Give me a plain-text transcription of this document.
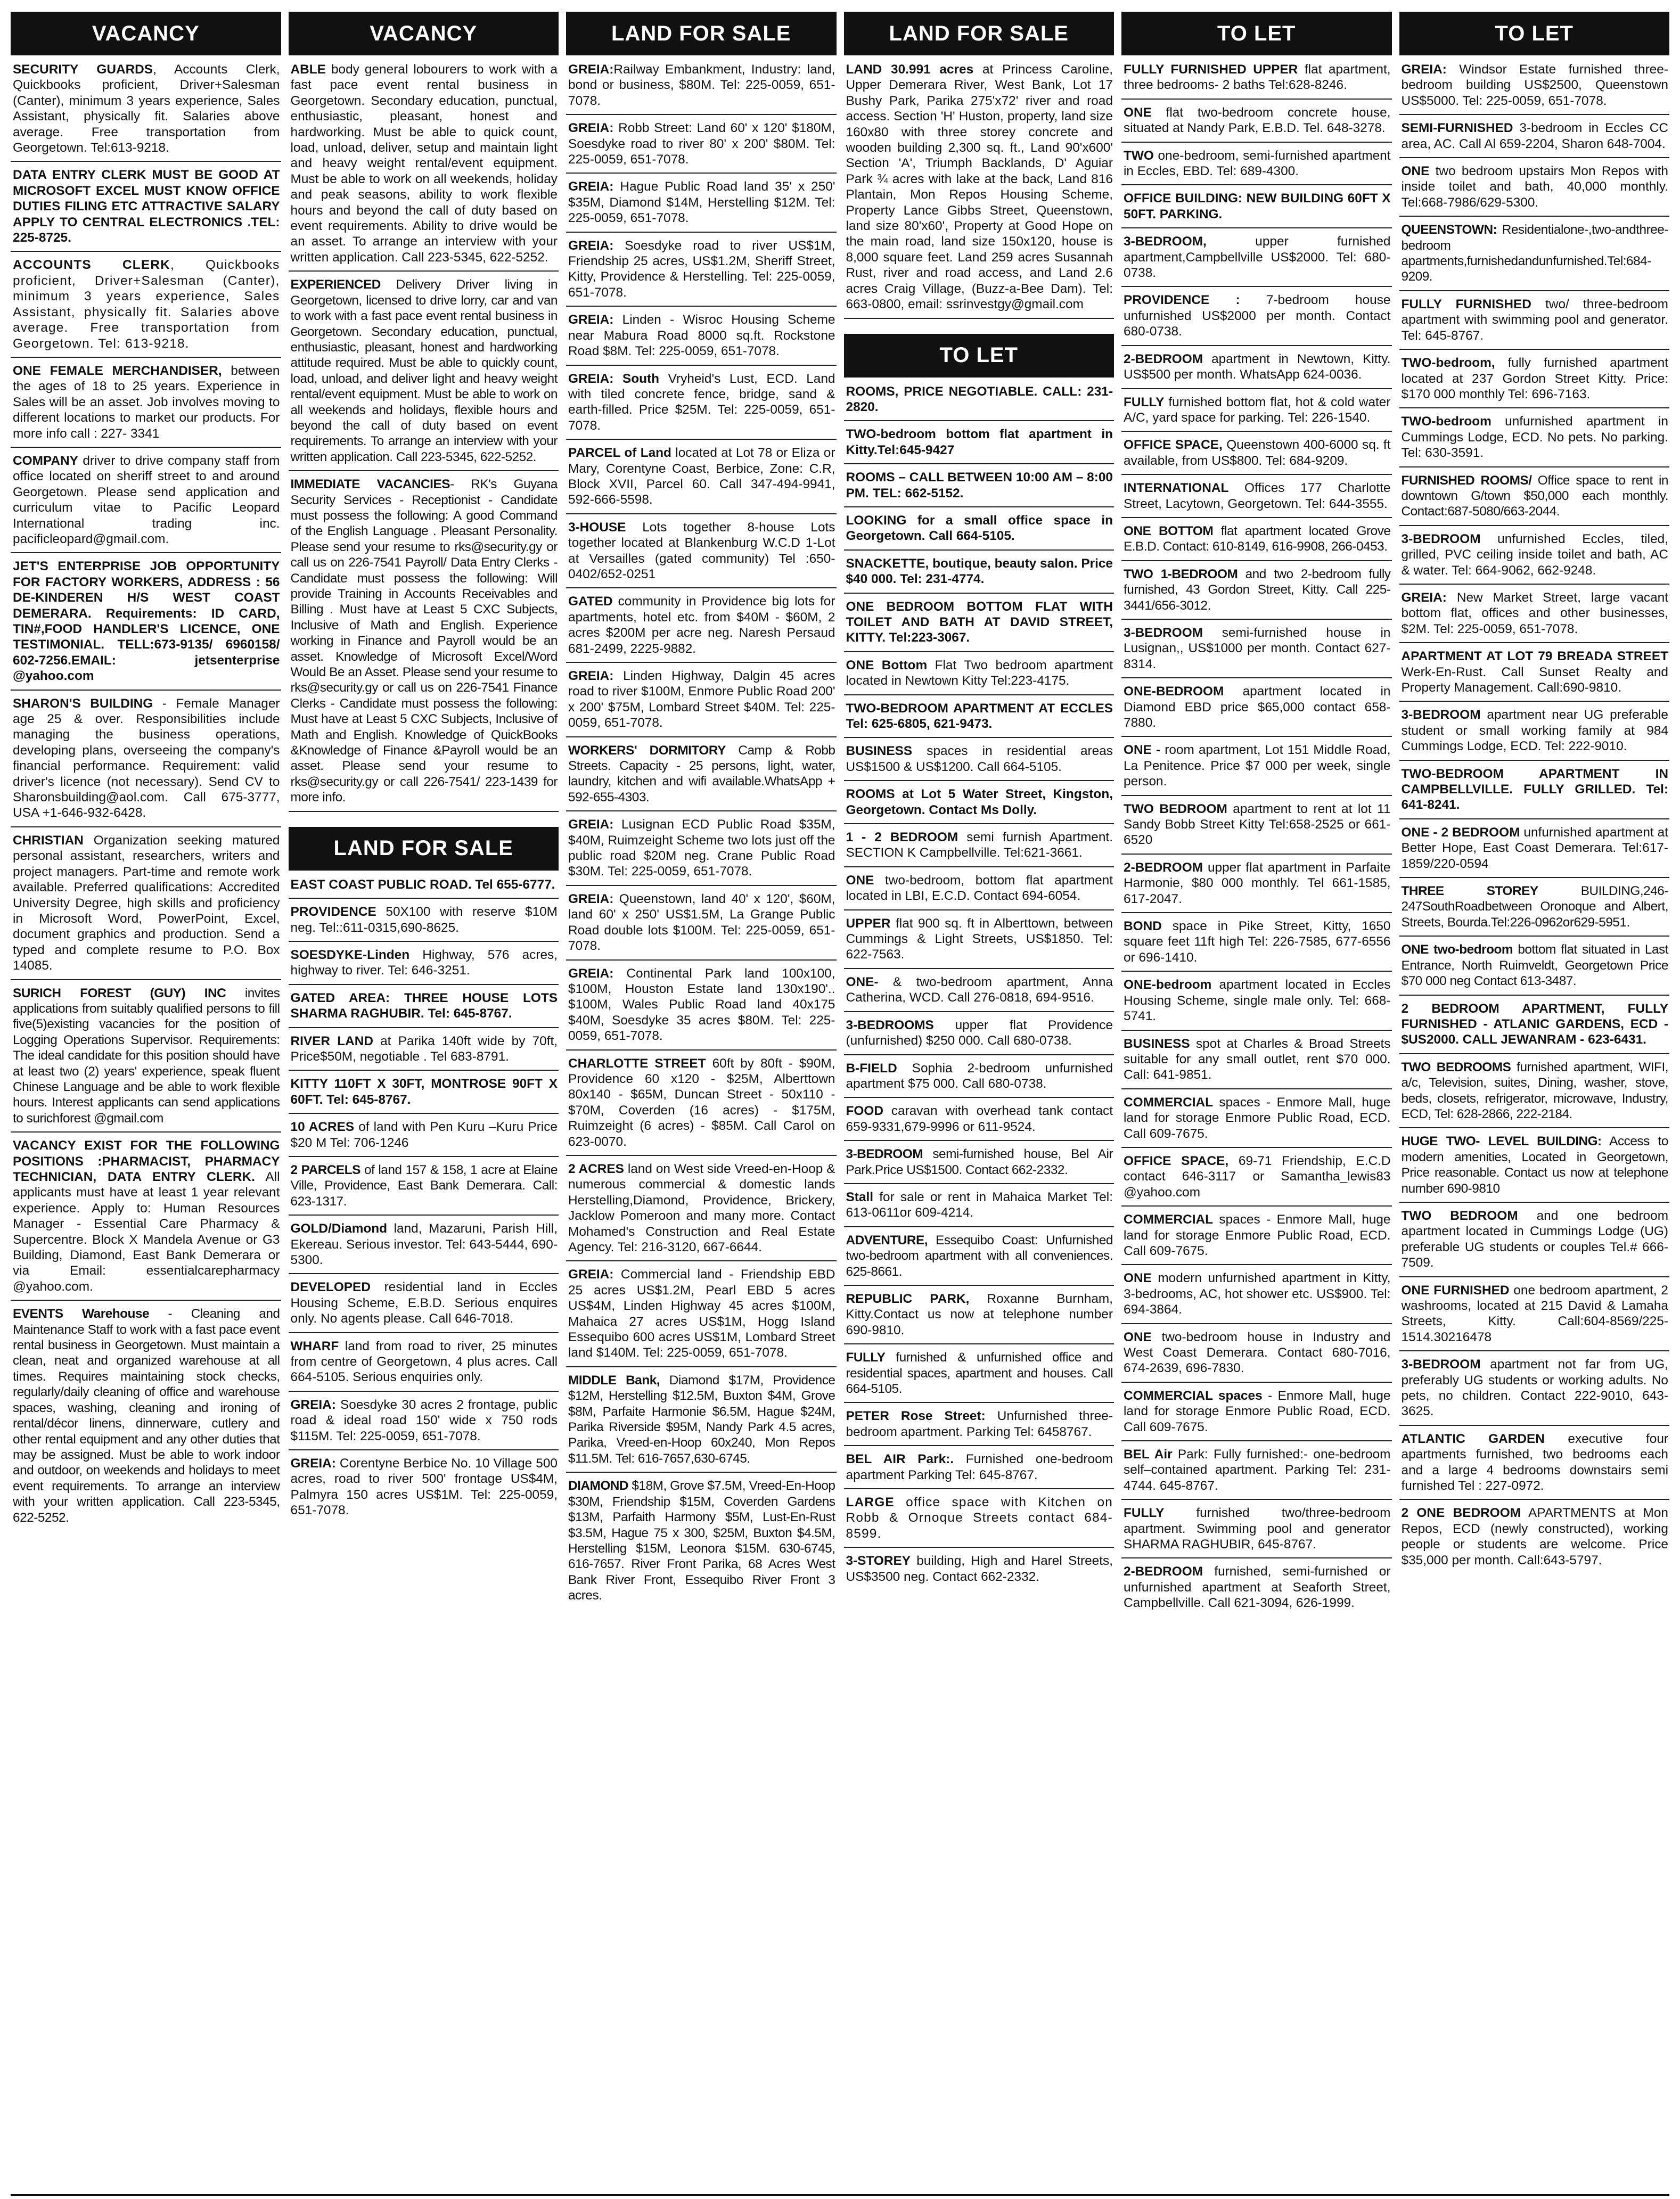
VACANCY
SECURITY GUARDS, Accounts Clerk, Quickbooks proficient, Driver+Salesman (Canter), minimum 3 years experience, Sales Assistant, physically fit. Salaries above average. Free transportation from Georgetown. Tel:613-9218.
DATA ENTRY CLERK MUST BE GOOD AT MICROSOFT EXCEL MUST KNOW OFFICE DUTIES FILING ETC ATTRACTIVE SALARY APPLY TO CENTRAL ELECTRONICS .TEL: 225-8725.
ACCOUNTS CLERK, Quickbooks proficient, Driver+Salesman (Canter), minimum 3 years experience, Sales Assistant, physically fit. Salaries above average. Free transportation from Georgetown. Tel: 613-9218.
ONE FEMALE MERCHANDISER, between the ages of 18 to 25 years. Experience in Sales will be an asset. Job involves moving to different locations to market our products. For more info call : 227- 3341
COMPANY driver to drive company staff from office located on sheriff street to and around Georgetown. Please send application and curriculum vitae to Pacific Leopard International trading inc. pacificleopard@gmail.com.
JET'S ENTERPRISE JOB OPPORTUNITY FOR FACTORY WORKERS, ADDRESS : 56 DE-KINDEREN H/S WEST COAST DEMERARA. Requirements: ID CARD, TIN#,FOOD HANDLER'S LICENCE, ONE TESTIMONIAL. TELL:673-9135/ 6960158/ 602-7256.EMAIL: jetsenterprise @yahoo.com
SHARON'S BUILDING - Female Manager age 25 & over. Responsibilities include managing the business operations, developing plans, overseeing the company's financial performance. Requirement: valid driver's licence (not necessary). Send CV to Sharonsbuilding@aol.com. Call 675-3777, USA +1-646-932-6428.
CHRISTIAN Organization seeking matured personal assistant, researchers, writers and project managers. Part-time and remote work available. Preferred qualifications: Accredited University Degree, high skills and proficiency in Microsoft Word, PowerPoint, Excel, document graphics and production. Send a typed and complete resume to P.O. Box 14085.
SURICH FOREST (GUY) INC invites applications from suitably qualified persons to fill five(5)existing vacancies for the position of Logging Operations Supervisor. Requirements: The ideal candidate for this position should have at least two (2) years' experience, speak fluent Chinese Language and be able to work flexible hours. Interest applicants can send applications to surichforest @gmail.com
VACANCY EXIST FOR THE FOLLOWING POSITIONS :PHARMACIST, PHARMACY TECHNICIAN, DATA ENTRY CLERK. All applicants must have at least 1 year relevant experience. Apply to: Human Resources Manager - Essential Care Pharmacy & Supercentre. Block X Mandela Avenue or G3 Building, Diamond, East Bank Demerara or via Email: essentialcarepharmacy @yahoo.com.
EVENTS Warehouse - Cleaning and Maintenance Staff to work with a fast pace event rental business in Georgetown. Must maintain a clean, neat and organized warehouse at all times. Requires maintaining stock checks, regularly/daily cleaning of office and warehouse spaces, washing, cleaning and ironing of rental/décor linens, dinnerware, cutlery and other rental equipment and any other duties that may be assigned. Must be able to work indoor and outdoor, on weekends and holidays to meet event requirements. To arrange an interview with your written application. Call 223-5345, 622-5252.
VACANCY
ABLE body general lobourers to work with a fast pace event rental business in Georgetown. Secondary education, punctual, enthusiastic, pleasant, honest and hardworking. Must be able to quick count, load, unload, deliver, setup and maintain light and heavy weight rental/event equipment. Must be able to work on all weekends, holiday and peak seasons, ability to work flexible hours and beyond the call of duty based on event requirements. Ability to drive would be an asset. To arrange an interview with your written application. Call 223-5345, 622-5252.
EXPERIENCED Delivery Driver living in Georgetown, licensed to drive lorry, car and van to work with a fast pace event rental business in Georgetown. Secondary education, punctual, enthusiastic, pleasant, honest and hardworking attitude required. Must be able to quickly count, load, unload, and deliver light and heavy weight rental/event equipment. Must be able to work on all weekends and holidays, flexible hours and beyond the call of duty based on event requirements. To arrange an interview with your written application. Call 223-5345, 622-5252.
IMMEDIATE VACANCIES- RK's Guyana Security Services - Receptionist - Candidate must possess the following: A good Command of the English Language . Pleasant Personality. Please send your resume to rks@security.gy or call us on 226-7541 Payroll/ Data Entry Clerks - Candidate must possess the following: Will provide Training in Accounts Receivables and Billing . Must have at Least 5 CXC Subjects, Inclusive of Math and English. Experience working in Finance and Payroll would be an asset. Knowledge of Microsoft Excel/Word Would Be an Asset. Please send your resume to rks@security.gy or call us on 226-7541 Finance Clerks - Candidate must possess the following: Must have at Least 5 CXC Subjects, Inclusive of Math and English. Knowledge of QuickBooks &Knowledge of Finance &Payroll would be an asset. Please send your resume to rks@security.gy or call 226-7541/ 223-1439 for more info.
LAND FOR SALE
EAST COAST PUBLIC ROAD. Tel 655-6777.
PROVIDENCE 50X100 with reserve $10M neg. Tel::611-0315,690-8625.
SOESDYKE-Linden Highway, 576 acres, highway to river. Tel: 646-3251.
GATED AREA: THREE HOUSE LOTS SHARMA RAGHUBIR. Tel: 645-8767.
RIVER LAND at Parika 140ft wide by 70ft, Price$50M, negotiable . Tel 683-8791.
KITTY 110FT X 30FT, MONTROSE 90FT X 60FT. Tel: 645-8767.
10 ACRES of land with Pen Kuru –Kuru Price $20 M Tel: 706-1246
2 PARCELS of land 157 & 158, 1 acre at Elaine Ville, Providence, East Bank Demerara. Call: 623-1317.
GOLD/Diamond land, Mazaruni, Parish Hill, Ekereau. Serious investor. Tel: 643-5444, 690-5300.
DEVELOPED residential land in Eccles Housing Scheme, E.B.D. Serious enquires only. No agents please. Call 646-7018.
WHARF land from road to river, 25 minutes from centre of Georgetown, 4 plus acres. Call 664-5105. Serious enquiries only.
GREIA: Soesdyke 30 acres 2 frontage, public road & ideal road 150' wide x 750 rods $115M. Tel: 225-0059, 651-7078.
GREIA: Corentyne Berbice No. 10 Village 500 acres, road to river 500' frontage US$4M, Palmyra 150 acres US$1M. Tel: 225-0059, 651-7078.
LAND FOR SALE
GREIA:Railway Embankment, Industry: land, bond or business, $80M. Tel: 225-0059, 651-7078.
GREIA: Robb Street: Land 60' x 120' $180M, Soesdyke road to river 80' x 200' $80M. Tel: 225-0059, 651-7078.
GREIA: Hague Public Road land 35' x 250' $35M, Diamond $14M, Herstelling $12M. Tel: 225-0059, 651-7078.
GREIA: Soesdyke road to river US$1M, Friendship 25 acres, US$1.2M, Sheriff Street, Kitty, Providence & Herstelling. Tel: 225-0059, 651-7078.
GREIA: Linden - Wisroc Housing Scheme near Mabura Road 8000 sq.ft. Rockstone Road $8M. Tel: 225-0059, 651-7078.
GREIA: South Vryheid's Lust, ECD. Land with tiled concrete fence, bridge, sand & earth-filled. Price $25M. Tel: 225-0059, 651-7078.
PARCEL of Land located at Lot 78 or Eliza or Mary, Corentyne Coast, Berbice, Zone: C.R, Block XVII, Parcel 60. Call 347-494-9941, 592-666-5598.
3-HOUSE Lots together 8-house Lots together located at Blankenburg W.C.D 1-Lot at Versailles (gated community) Tel :650-0402/652-0251
GATED community in Providence big lots for apartments, hotel etc. from $40M - $60M, 2 acres $200M per acre neg. Naresh Persaud 681-2499, 2225-9882.
GREIA: Linden Highway, Dalgin 45 acres road to river $100M, Enmore Public Road 200' x 200' $75M, Lombard Street $40M. Tel: 225-0059, 651-7078.
WORKERS' DORMITORY Camp & Robb Streets. Capacity - 25 persons, light, water, laundry, kitchen and wifi available.WhatsApp + 592-655-4303.
GREIA: Lusignan ECD Public Road $35M, $40M, Ruimzeight Scheme two lots just off the public road $20M neg. Crane Public Road $30M. Tel: 225-0059, 651-7078.
GREIA: Queenstown, land 40' x 120', $60M, land 60' x 250' US$1.5M, La Grange Public Road double lots $100M. Tel: 225-0059, 651-7078.
GREIA: Continental Park land 100x100, $100M, Houston Estate land 130x190'.. $100M, Wales Public Road land 40x175 $40M, Soesdyke 35 acres $80M. Tel: 225-0059, 651-7078.
CHARLOTTE STREET 60ft by 80ft - $90M, Providence 60 x120 - $25M, Alberttown 80x140 - $65M, Duncan Street - 50x110 - $70M, Coverden (16 acres) - $175M, Ruimzeight (6 acres) - $85M. Call Carol on 623-0070.
2 ACRES land on West side Vreed-en-Hoop & numerous commercial & domestic lands Herstelling,Diamond, Providence, Brickery, Jacklow Pomeroon and many more. Contact Mohamed's Construction and Real Estate Agency. Tel: 216-3120, 667-6644.
GREIA: Commercial land - Friendship EBD 25 acres US$1.2M, Pearl EBD 5 acres US$4M, Linden Highway 45 acres $100M, Mahaica 27 acres US$1M, Hogg Island Essequibo 600 acres US$1M, Lombard Street land $140M. Tel: 225-0059, 651-7078.
MIDDLE Bank, Diamond $17M, Providence $12M, Herstelling $12.5M, Buxton $4M, Grove $8M, Parfaite Harmonie $6.5M, Hague $24M, Parika Riverside $95M, Nandy Park 4.5 acres, Parika, Vreed-en-Hoop 60x240, Mon Repos $11.5M. Tel: 616-7657,630-6745.
DIAMOND $18M, Grove $7.5M, Vreed-En-Hoop $30M, Friendship $15M, Coverden Gardens $13M, Parfaith Harmony $5M, Lust-En-Rust $3.5M, Hague 75 x 300, $25M, Buxton $4.5M, Herstelling $15M, Leonora $15M. 630-6745, 616-7657. River Front Parika, 68 Acres West Bank River Front, Essequibo River Front 3 acres.
LAND FOR SALE
LAND 30.991 acres at Princess Caroline, Upper Demerara River, West Bank, Lot 17 Bushy Park, Parika 275'x72' river and road access. Section 'H' Huston, property, land size 160x80 with three storey concrete and wooden building 2,300 sq. ft., Land 90'x600' Section 'A', Triumph Backlands, D' Aguiar Park ¾ acres with lake at the back, Land 816 Plantain, Mon Repos Housing Scheme, Property Lance Gibbs Street, Queenstown, land size 80'x60', Property at Good Hope on the main road, land size 150x120, house is 8,000 square feet. Land 259 acres Susannah Rust, river and road access, and Land 2.6 acres Craig Village, (Buzz-a-Bee Dam). Tel: 663-0800, email: ssrinvestgy@gmail.com
TO LET
ROOMS, PRICE NEGOTIABLE. CALL: 231-2820.
TWO-bedroom bottom flat apartment in Kitty.Tel:645-9427
ROOMS – CALL BETWEEN 10:00 AM – 8:00 PM. TEL: 662-5152.
LOOKING for a small office space in Georgetown. Call 664-5105.
SNACKETTE, boutique, beauty salon. Price $40 000. Tel: 231-4774.
ONE BEDROOM BOTTOM FLAT WITH TOILET AND BATH AT DAVID STREET, KITTY. Tel:223-3067.
ONE Bottom Flat Two bedroom apartment located in Newtown Kitty Tel:223-4175.
TWO-BEDROOM APARTMENT AT ECCLES Tel: 625-6805, 621-9473.
BUSINESS spaces in residential areas US$1500 & US$1200. Call 664-5105.
ROOMS at Lot 5 Water Street, Kingston, Georgetown. Contact Ms Dolly.
1 - 2 BEDROOM semi furnish Apartment. SECTION K Campbellville. Tel:621-3661.
ONE two-bedroom, bottom flat apartment located in LBI, E.C.D. Contact 694-6054.
UPPER flat 900 sq. ft in Alberttown, between Cummings & Light Streets, US$1850. Tel: 622-7563.
ONE- & two-bedroom apartment, Anna Catherina, WCD. Call 276-0818, 694-9516.
3-BEDROOMS upper flat Providence (unfurnished) $250 000. Call 680-0738.
B-FIELD Sophia 2-bedroom unfurnished apartment $75 000. Call 680-0738.
FOOD caravan with overhead tank contact 659-9331,679-9996 or 611-9524.
3-BEDROOM semi-furnished house, Bel Air Park.Price US$1500. Contact 662-2332.
Stall for sale or rent in Mahaica Market Tel: 613-0611or 609-4214.
ADVENTURE, Essequibo Coast: Unfurnished two-bedroom apartment with all conveniences. 625-8661.
REPUBLIC PARK, Roxanne Burnham, Kitty.Contact us now at telephone number 690-9810.
FULLY furnished & unfurnished office and residential spaces, apartment and houses. Call 664-5105.
PETER Rose Street: Unfurnished three-bedroom apartment. Parking Tel: 6458767.
BEL AIR Park:. Furnished one-bedroom apartment Parking Tel: 645-8767.
LARGE office space with Kitchen on Robb & Ornoque Streets contact 684-8599.
3-STOREY building, High and Harel Streets, US$3500 neg. Contact 662-2332.
TO LET
FULLY FURNISHED UPPER flat apartment, three bedrooms- 2 baths Tel:628-8246.
ONE flat two-bedroom concrete house, situated at Nandy Park, E.B.D. Tel. 648-3278.
TWO one-bedroom, semi-furnished apartment in Eccles, EBD. Tel: 689-4300.
OFFICE BUILDING: NEW BUILDING 60FT X 50FT. PARKING.
3-BEDROOM, upper furnished apartment,Campbellville US$2000. Tel: 680-0738.
PROVIDENCE : 7-bedroom house unfurnished US$2000 per month. Contact 680-0738.
2-BEDROOM apartment in Newtown, Kitty. US$500 per month. WhatsApp 624-0036.
FULLY furnished bottom flat, hot & cold water A/C, yard space for parking. Tel: 226-1540.
OFFICE SPACE, Queenstown 400-6000 sq. ft available, from US$800. Tel: 684-9209.
INTERNATIONAL Offices 177 Charlotte Street, Lacytown, Georgetown. Tel: 644-3555.
ONE BOTTOM flat apartment located Grove E.B.D. Contact: 610-8149, 616-9908, 266-0453.
TWO 1-BEDROOM and two 2-bedroom fully furnished, 43 Gordon Street, Kitty. Call 225- 3441/656-3012.
3-BEDROOM semi-furnished house in Lusignan,, US$1000 per month. Contact 627-8314.
ONE-BEDROOM apartment located in Diamond EBD price $65,000 contact 658-7880.
ONE - room apartment, Lot 151 Middle Road, La Penitence. Price $7 000 per week, single person.
TWO BEDROOM apartment to rent at lot 11 Sandy Bobb Street Kitty Tel:658-2525 or 661-6520
2-BEDROOM upper flat apartment in Parfaite Harmonie, $80 000 monthly. Tel 661-1585, 617-2047.
BOND space in Pike Street, Kitty, 1650 square feet 11ft high Tel: 226-7585, 677-6556 or 696-1410.
ONE-bedroom apartment located in Eccles Housing Scheme, single male only. Tel: 668-5741.
BUSINESS spot at Charles & Broad Streets suitable for any small outlet, rent $70 000. Call: 641-9851.
COMMERCIAL spaces - Enmore Mall, huge land for storage Enmore Public Road, ECD. Call 609-7675.
OFFICE SPACE, 69-71 Friendship, E.C.D contact 646-3117 or Samantha_lewis83 @yahoo.com
COMMERCIAL spaces - Enmore Mall, huge land for storage Enmore Public Road, ECD. Call 609-7675.
ONE modern unfurnished apartment in Kitty, 3-bedrooms, AC, hot shower etc. US$900. Tel: 694-3864.
ONE two-bedroom house in Industry and West Coast Demerara. Contact 680-7016, 674-2639, 696-7830.
COMMERCIAL spaces - Enmore Mall, huge land for storage Enmore Public Road, ECD. Call 609-7675.
BEL Air Park: Fully furnished:- one-bedroom self–contained apartment. Parking Tel: 231-4744. 645-8767.
FULLY furnished two/three-bedroom apartment. Swimming pool and generator SHARMA RAGHUBIR, 645-8767.
2-BEDROOM furnished, semi-furnished or unfurnished apartment at Seaforth Street, Campbellville. Call 621-3094, 626-1999.
TO LET
GREIA: Windsor Estate furnished three-bedroom building US$2500, Queenstown US$5000. Tel: 225-0059, 651-7078.
SEMI-FURNISHED 3-bedroom in Eccles CC area, AC. Call Al 659-2204, Sharon 648-7004.
ONE two bedroom upstairs Mon Repos with inside toilet and bath, 40,000 monthly. Tel:668-7986/629-5300.
QUEENSTOWN: Residentialone-,two-andthree-bedroom apartments,furnishedandunfurnished.Tel:684-9209.
FULLY FURNISHED two/ three-bedroom apartment with swimming pool and generator. Tel: 645-8767.
TWO-bedroom, fully furnished apartment located at 237 Gordon Street Kitty. Price: $170 000 monthly Tel: 696-7163.
TWO-bedroom unfurnished apartment in Cummings Lodge, ECD. No pets. No parking. Tel: 630-3591.
FURNISHED ROOMS/ Office space to rent in downtown G/town $50,000 each monthly. Contact:687-5080/663-2044.
3-BEDROOM unfurnished Eccles, tiled, grilled, PVC ceiling inside toilet and bath, AC & water. Tel: 664-9062, 662-9248.
GREIA: New Market Street, large vacant bottom flat, offices and other businesses, $2M. Tel: 225-0059, 651-7078.
APARTMENT AT LOT 79 BREADA STREET Werk-En-Rust. Call Sunset Realty and Property Management. Call:690-9810.
3-BEDROOM apartment near UG preferable student or small working family at 984 Cummings Lodge, ECD. Tel: 222-9010.
TWO-BEDROOM APARTMENT IN CAMPBELLVILLE. FULLY GRILLED. Tel: 641-8241.
ONE - 2 BEDROOM unfurnished apartment at Better Hope, East Coast Demerara. Tel:617-1859/220-0594
THREE STOREY BUILDING,246-247SouthRoadbetween Oronoque and Albert, Streets, Bourda.Tel:226-0962or629-5951.
ONE two-bedroom bottom flat situated in Last Entrance, North Ruimveldt, Georgetown Price $70 000 neg Contact 613-3487.
2 BEDROOM APARTMENT, FULLY FURNISHED - ATLANIC GARDENS, ECD - $US2000. CALL JEWANRAM - 623-6431.
TWO BEDROOMS furnished apartment, WIFI, a/c, Television, suites, Dining, washer, stove, beds, closets, refrigerator, microwave, Industry, ECD, Tel: 628-2866, 222-2184.
HUGE TWO- LEVEL BUILDING: Access to modern amenities, Located in Georgetown, Price reasonable. Contact us now at telephone number 690-9810
TWO BEDROOM and one bedroom apartment located in Cummings Lodge (UG) preferable UG students or couples Tel.# 666-7509.
ONE FURNISHED one bedroom apartment, 2 washrooms, located at 215 David & Lamaha Streets, Kitty. Call:604-8569/225-1514.30216478
3-BEDROOM apartment not far from UG, preferably UG students or working adults. No pets, no children. Contact 222-9010, 643-3625.
ATLANTIC GARDEN executive four apartments furnished, two bedrooms each and a large 4 bedrooms downstairs semi furnished Tel : 227-0972.
2 ONE BEDROOM APARTMENTS at Mon Repos, ECD (newly constructed), working people or students are welcome. Price $35,000 per month. Call:643-5797.
